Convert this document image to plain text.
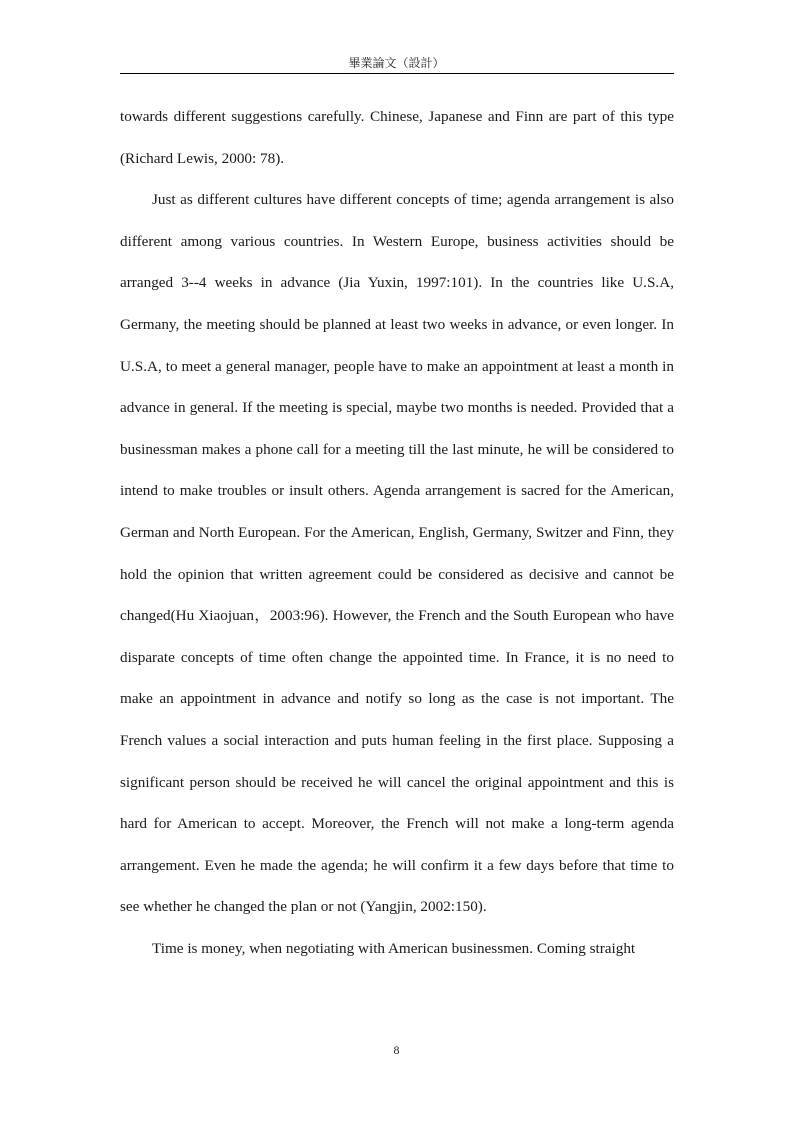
畢業論文（設計）

towards different suggestions carefully. Chinese, Japanese and Finn are part of this type (Richard Lewis, 2000: 78).

Just as different cultures have different concepts of time; agenda arrangement is also different among various countries. In Western Europe, business activities should be arranged 3--4 weeks in advance (Jia Yuxin, 1997:101). In the countries like U.S.A, Germany, the meeting should be planned at least two weeks in advance, or even longer. In U.S.A, to meet a general manager, people have to make an appointment at least a month in advance in general. If the meeting is special, maybe two months is needed. Provided that a businessman makes a phone call for a meeting till the last minute, he will be considered to intend to make troubles or insult others. Agenda arrangement is sacred for the American, German and North European. For the American, English, Germany, Switzer and Finn, they hold the opinion that written agreement could be considered as decisive and cannot be changed(Hu Xiaojuan，2003:96). However, the French and the South European who have disparate concepts of time often change the appointed time. In France, it is no need to make an appointment in advance and notify so long as the case is not important. The French values a social interaction and puts human feeling in the first place. Supposing a significant person should be received he will cancel the original appointment and this is hard for American to accept. Moreover, the French will not make a long-term agenda arrangement. Even he made the agenda; he will confirm it a few days before that time to see whether he changed the plan or not (Yangjin, 2002:150).

Time is money, when negotiating with American businessmen. Coming straight

8
